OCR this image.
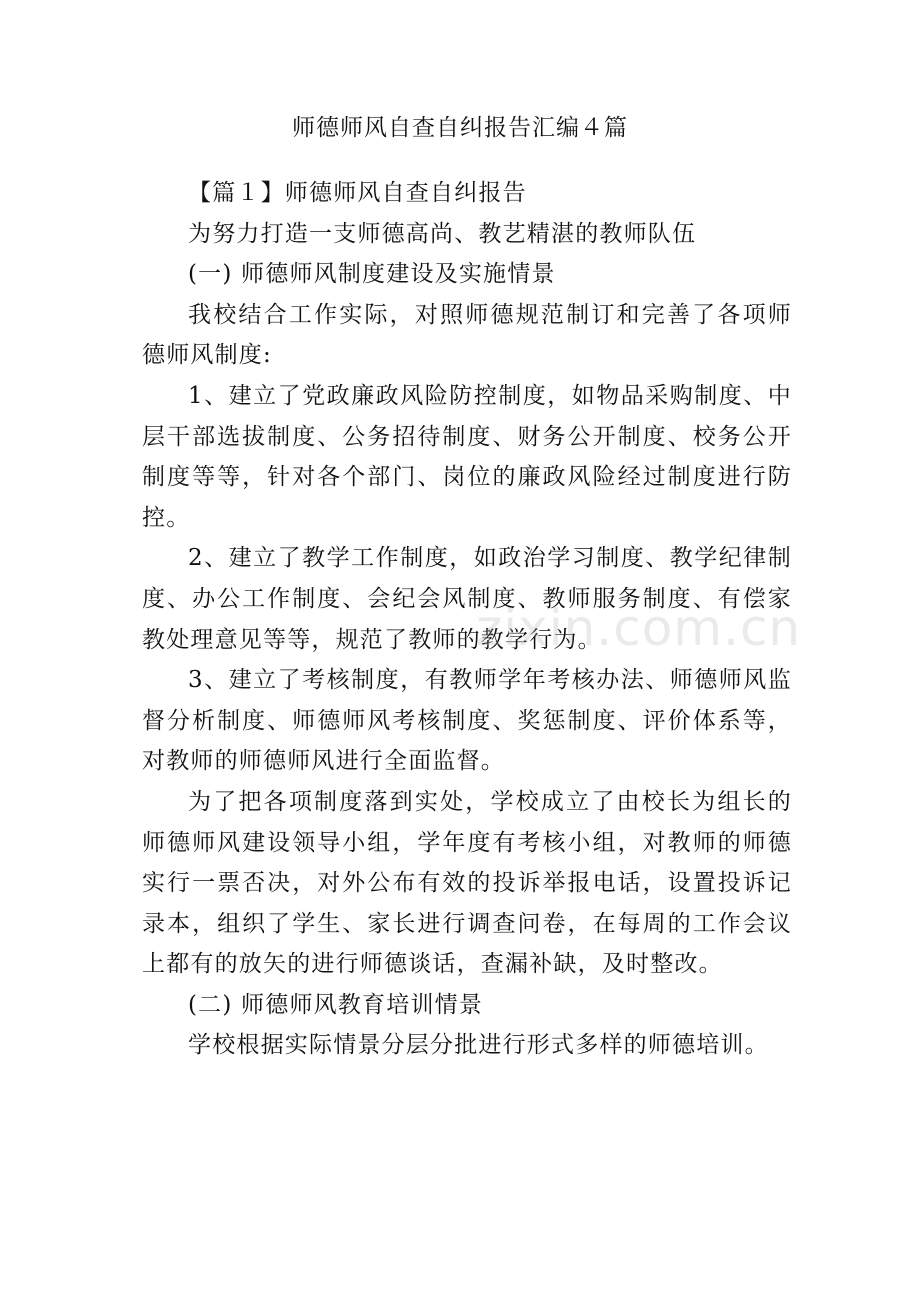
师德师风自查自纠报告汇编４篇

【篇１】师德师风自查自纠报告

为努力打造一支师德高尚、教艺精湛的教师队伍

(一) 师德师风制度建设及实施情景

我校结合工作实际，对照师德规范制订和完善了各项师德师风制度:

1、建立了党政廉政风险防控制度，如物品采购制度、中层干部选拔制度、公务招待制度、财务公开制度、校务公开制度等等，针对各个部门、岗位的廉政风险经过制度进行防控。

2、建立了教学工作制度，如政治学习制度、教学纪律制度、办公工作制度、会纪会风制度、教师服务制度、有偿家教处理意见等等，规范了教师的教学行为。

3、建立了考核制度，有教师学年考核办法、师德师风监督分析制度、师德师风考核制度、奖惩制度、评价体系等，对教师的师德师风进行全面监督。

为了把各项制度落到实处，学校成立了由校长为组长的师德师风建设领导小组，学年度有考核小组，对教师的师德实行一票否决，对外公布有效的投诉举报电话，设置投诉记录本，组织了学生、家长进行调查问卷，在每周的工作会议上都有的放矢的进行师德谈话，查漏补缺，及时整改。

(二) 师德师风教育培训情景

学校根据实际情景分层分批进行形式多样的师德培训。

zixin.com.cn
